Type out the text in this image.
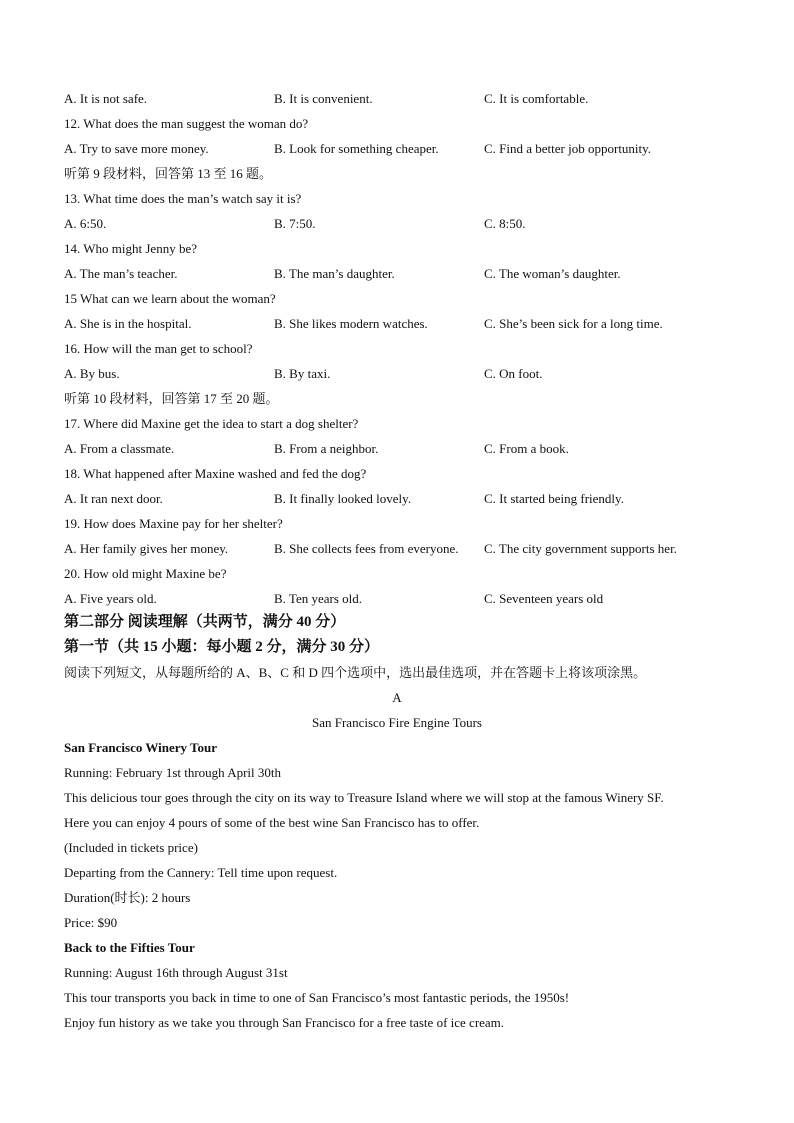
A. It is not safe.	B. It is convenient.	C. It is comfortable.
12. What does the man suggest the woman do?
A. Try to save more money.	B. Look for something cheaper.	C. Find a better job opportunity.
听第 9 段材料，回答第 13 至 16 题。
13. What time does the man’s watch say it is?
A. 6:50.	B. 7:50.	C. 8:50.
14. Who might Jenny be?
A. The man’s teacher.	B. The man’s daughter.	C. The woman’s daughter.
15 What can we learn about the woman?
A. She is in the hospital.	B. She likes modern watches.	C. She’s been sick for a long time.
16. How will the man get to school?
A. By bus.	B. By taxi.	C. On foot.
听第 10 段材料，回答第 17 至 20 题。
17. Where did Maxine get the idea to start a dog shelter?
A. From a classmate.	B. From a neighbor.	C. From a book.
18. What happened after Maxine washed and fed the dog?
A. It ran next door.	B. It finally looked lovely.	C. It started being friendly.
19. How does Maxine pay for her shelter?
A. Her family gives her money.	B. She collects fees from everyone. C. The city government supports her.
20. How old might Maxine be?
A. Five years old.	B. Ten years old.	C. Seventeen years old
第二部分 阅读理解（共两节，满分 40 分）
第一节（共 15 小题：每小题 2 分，满分 30 分）
阅读下列短文，从每题所给的 A、B、C 和 D 四个选项中，选出最佳选项，并在答题卡上将该项涂黑。
A
San Francisco Fire Engine Tours
San Francisco Winery Tour
Running: February 1st through April 30th
This delicious tour goes through the city on its way to Treasure Island where we will stop at the famous Winery SF.
Here you can enjoy 4 pours of some of the best wine San Francisco has to offer.
(Included in tickets price)
Departing from the Cannery: Tell time upon request.
Duration(时长): 2 hours
Price: $90
Back to the Fifties Tour
Running: August 16th through August 31st
This tour transports you back in time to one of San Francisco’s most fantastic periods, the 1950s!
Enjoy fun history as we take you through San Francisco for a free taste of ice cream.
